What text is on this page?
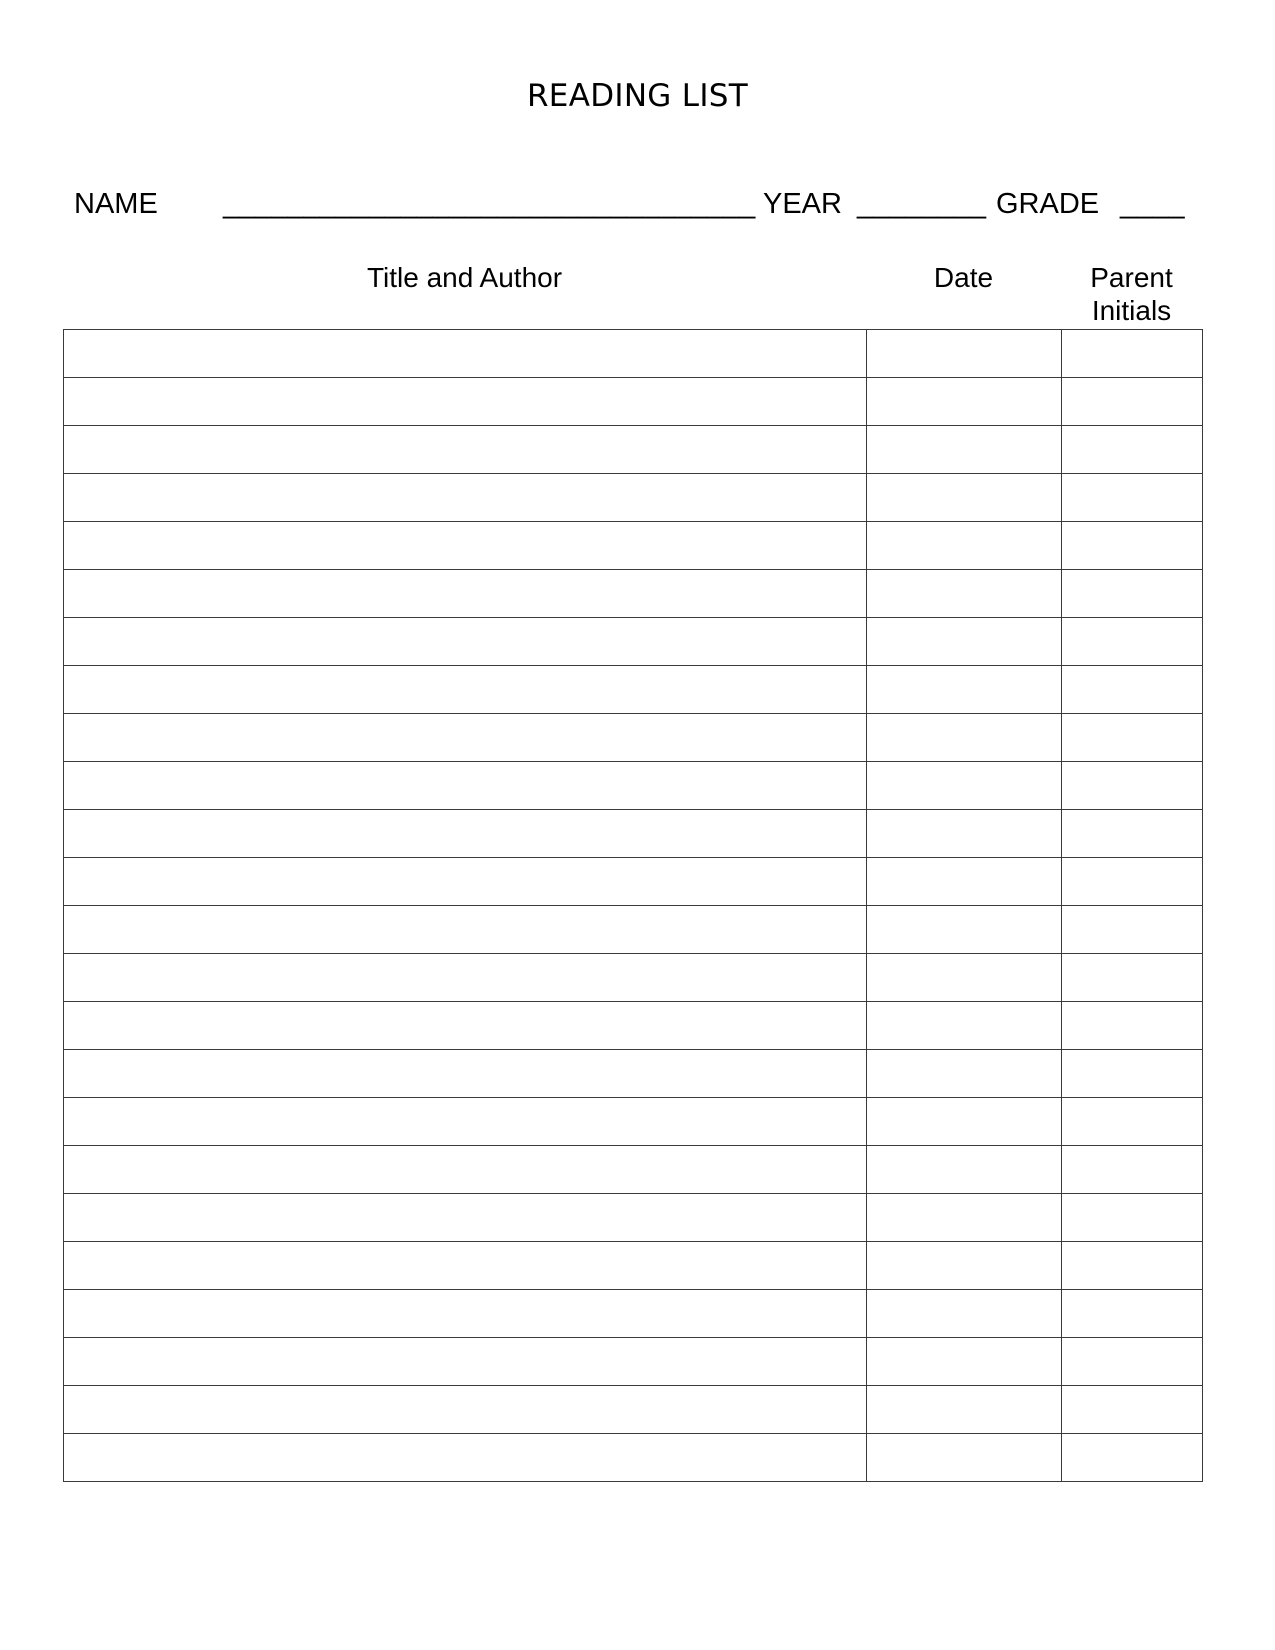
READING LIST
NAME _________________________________ YEAR ________ GRADE ____
Title and Author	Date	Parent Initials
